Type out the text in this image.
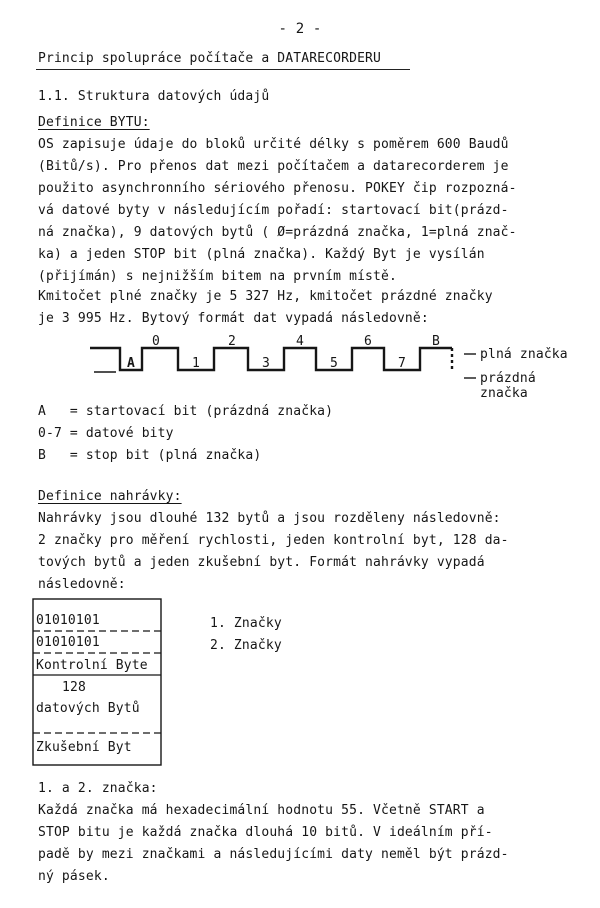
- 2 -
Princip spolupráce počítače a DATARECORDERU
1.1. Struktura datových údajů
Definice BYTU:
OS zapisuje údaje do bloků určité délky s poměrem 600 Baudů
(Bitů/s). Pro přenos dat mezi počítačem a datarecorderem je
použito asynchronního sériového přenosu. POKEY čip rozpozná-
vá datové byty v následujícím pořadí: startovací bit(prázd-
ná značka), 9 datových bytů ( Ø=prázdná značka, 1=plná znač-
ka) a jeden STOP bit (plná značka). Každý Byt je vysílán
(přijímán) s nejnižším bitem na prvním místě.
Kmitočet plné značky je 5 327 Hz, kmitočet prázdné značky
je 3 995 Hz. Bytový formát dat vypadá následovně:
0	2	4	6	B
A	1	3	5	7
plná značka
prázdná
značka
A   = startovací bit (prázdná značka)
0-7 = datové bity
B   = stop bit (plná značka)
Definice nahrávky:
Nahrávky jsou dlouhé 132 bytů a jsou rozděleny následovně:
2 značky pro měření rychlosti, jeden kontrolní byt, 128 da-
tových bytů a jeden zkušební byt. Formát nahrávky vypadá
následovně:
01010101
01010101
Kontrolní Byte
128
datových Bytů
Zkušební Byt
1. Značky
2. Značky
1. a 2. značka:
Každá značka má hexadecimální hodnotu 55. Včetně START a
STOP bitu je každá značka dlouhá 10 bitů. V ideálním pří-
padě by mezi značkami a následujícími daty neměl být prázd-
ný pásek.
